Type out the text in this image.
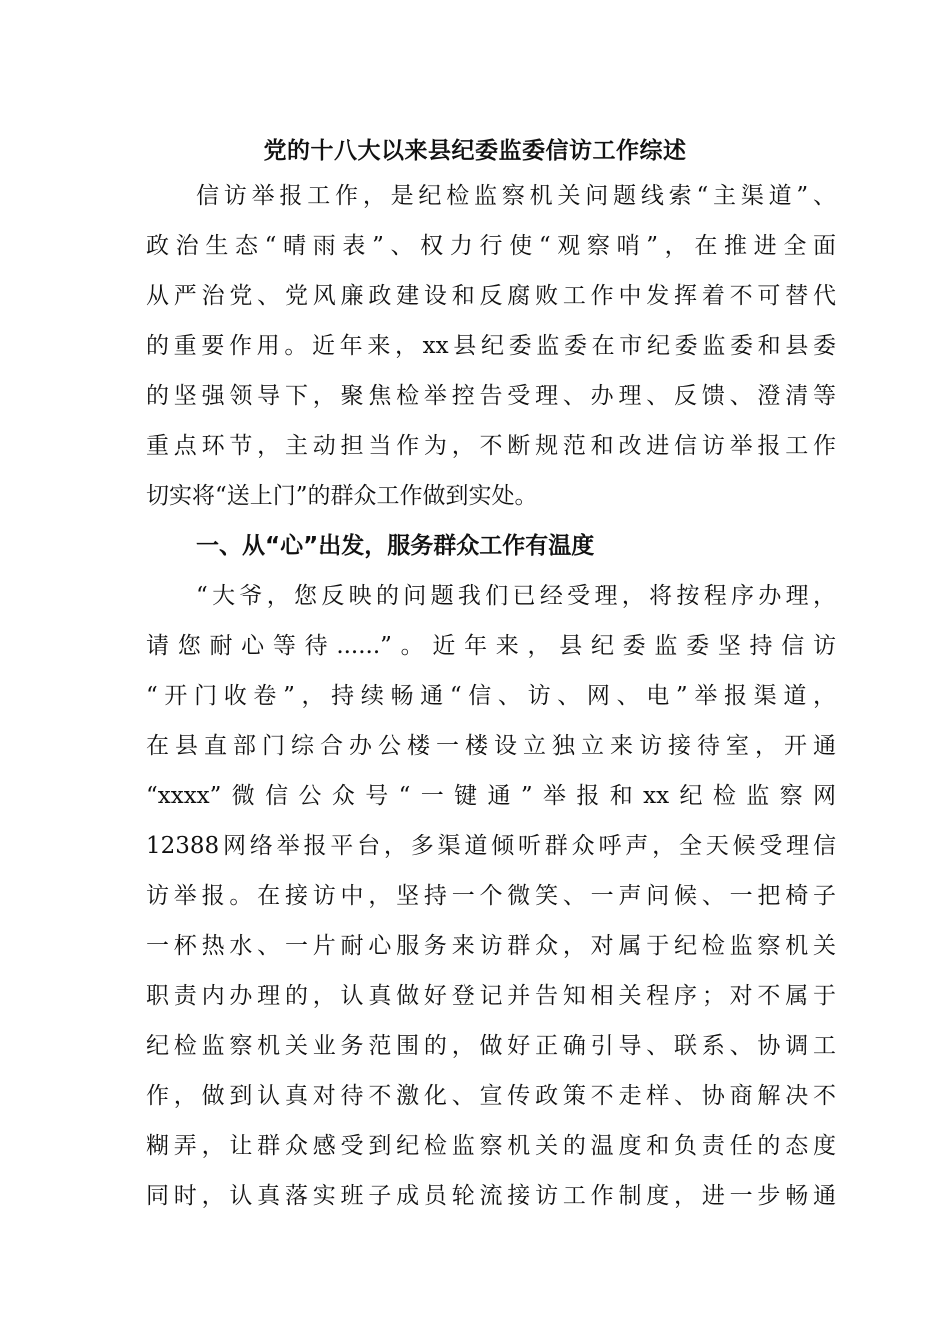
党的十八大以来县纪委监委信访工作综述
信访举报工作，是纪检监察机关问题线索“主渠道”、
政治生态“晴雨表”、权力行使“观察哨”，在推进全面
从严治党、党风廉政建设和反腐败工作中发挥着不可替代
的重要作用。近年来，xx县纪委监委在市纪委监委和县委
的坚强领导下，聚焦检举控告受理、办理、反馈、澄清等
重点环节，主动担当作为，不断规范和改进信访举报工作
切实将“送上门”的群众工作做到实处。
一、从“心”出发，服务群众工作有温度
“大爷，您反映的问题我们已经受理，将按程序办理，
请您耐心等待......”。近年来，县纪委监委坚持信访
“开门收卷”，持续畅通“信、访、网、电”举报渠道，
在县直部门综合办公楼一楼设立独立来访接待室，开通
“xxxx”微信公众号“一键通”举报和xx纪检监察网
12388网络举报平台，多渠道倾听群众呼声，全天候受理信
访举报。在接访中，坚持一个微笑、一声问候、一把椅子
一杯热水、一片耐心服务来访群众，对属于纪检监察机关
职责内办理的，认真做好登记并告知相关程序；对不属于
纪检监察机关业务范围的，做好正确引导、联系、协调工
作，做到认真对待不激化、宣传政策不走样、协商解决不
糊弄，让群众感受到纪检监察机关的温度和负责任的态度
同时，认真落实班子成员轮流接访工作制度，进一步畅通
